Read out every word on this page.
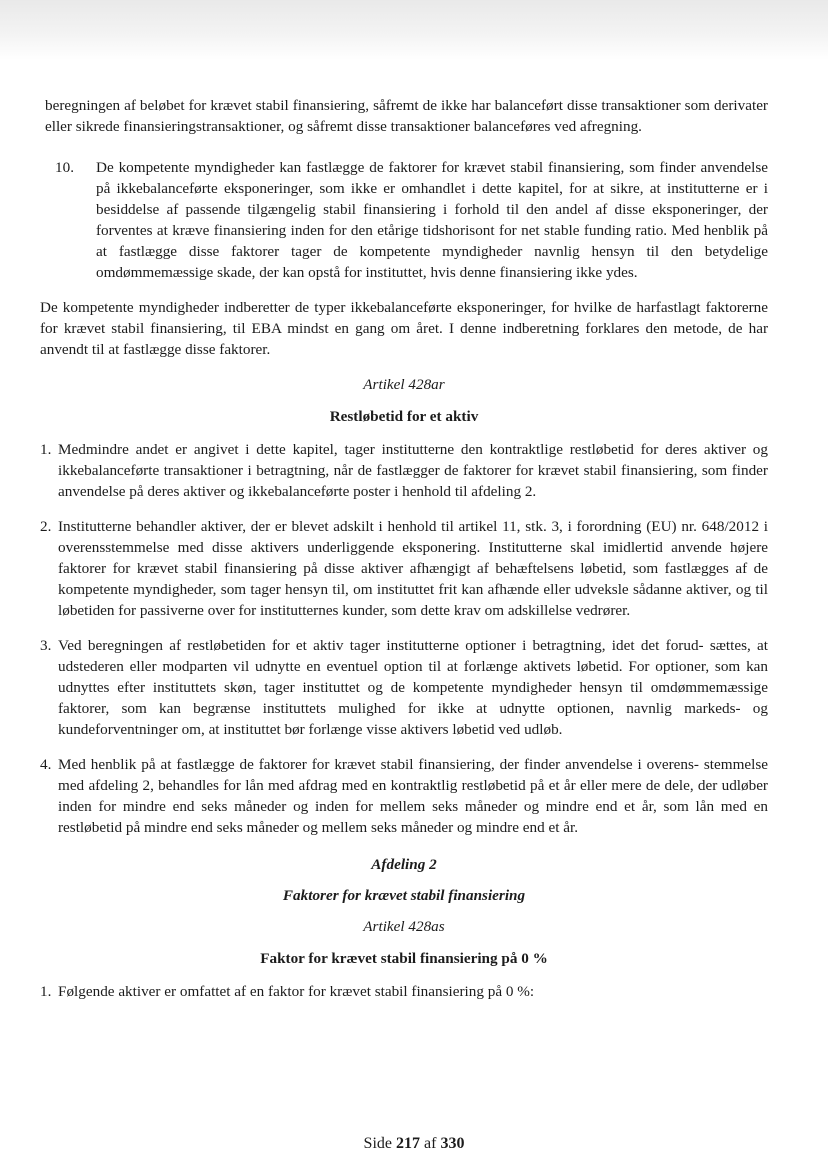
beregningen af beløbet for krævet stabil finansiering, såfremt de ikke har balanceført disse transaktioner som derivater eller sikrede finansieringstransaktioner, og såfremt disse transaktioner balanceføres ved afregning.

10. De kompetente myndigheder kan fastlægge de faktorer for krævet stabil finansiering, som finder anvendelse på ikkebalanceførte eksponeringer, som ikke er omhandlet i dette kapitel, for at sikre, at institutterne er i besiddelse af passende tilgængelig stabil finansiering i forhold til den andel af disse eksponeringer, der forventes at kræve finansiering inden for den etårige tidshorisont for net stable funding ratio. Med henblik på at fastlægge disse faktorer tager de kompetente myndigheder navnlig hensyn til den betydelige omdømmemæssige skade, der kan opstå for instituttet, hvis denne finansiering ikke ydes.

De kompetente myndigheder indberetter de typer ikkebalanceførte eksponeringer, for hvilke de harfastlagt faktorerne for krævet stabil finansiering, til EBA mindst en gang om året. I denne indberetning forklares den metode, de har anvendt til at fastlægge disse faktorer.

Artikel 428ar

Restløbetid for et aktiv

1. Medmindre andet er angivet i dette kapitel, tager institutterne den kontraktlige restløbetid for deres aktiver og ikkebalanceførte transaktioner i betragtning, når de fastlægger de faktorer for krævet stabil finansiering, som finder anvendelse på deres aktiver og ikkebalanceførte poster i henhold til afdeling 2.

2. Institutterne behandler aktiver, der er blevet adskilt i henhold til artikel 11, stk. 3, i forordning (EU) nr. 648/2012 i overensstemmelse med disse aktivers underliggende eksponering. Institutterne skal imidlertid anvende højere faktorer for krævet stabil finansiering på disse aktiver afhængigt af behæftelsens løbetid, som fastlægges af de kompetente myndigheder, som tager hensyn til, om instituttet frit kan afhænde eller udveksle sådanne aktiver, og til løbetiden for passiverne over for institutternes kunder, som dette krav om adskillelse vedrører.

3. Ved beregningen af restløbetiden for et aktiv tager institutterne optioner i betragtning, idet det forud- sættes, at udstederen eller modparten vil udnytte en eventuel option til at forlænge aktivets løbetid. For optioner, som kan udnyttes efter instituttets skøn, tager instituttet og de kompetente myndigheder hensyn til omdømmemæssige faktorer, som kan begrænse instituttets mulighed for ikke at udnytte optionen, navnlig markeds- og kundeforventninger om, at instituttet bør forlænge visse aktivers løbetid ved udløb.

4. Med henblik på at fastlægge de faktorer for krævet stabil finansiering, der finder anvendelse i overens- stemmelse med afdeling 2, behandles for lån med afdrag med en kontraktlig restløbetid på et år eller mere de dele, der udløber inden for mindre end seks måneder og inden for mellem seks måneder og mindre end et år, som lån med en restløbetid på mindre end seks måneder og mellem seks måneder og mindre end et år.

Afdeling 2

Faktorer for krævet stabil finansiering

Artikel 428as

Faktor for krævet stabil finansiering på 0 %

1. Følgende aktiver er omfattet af en faktor for krævet stabil finansiering på 0 %:

Side 217 af 330
